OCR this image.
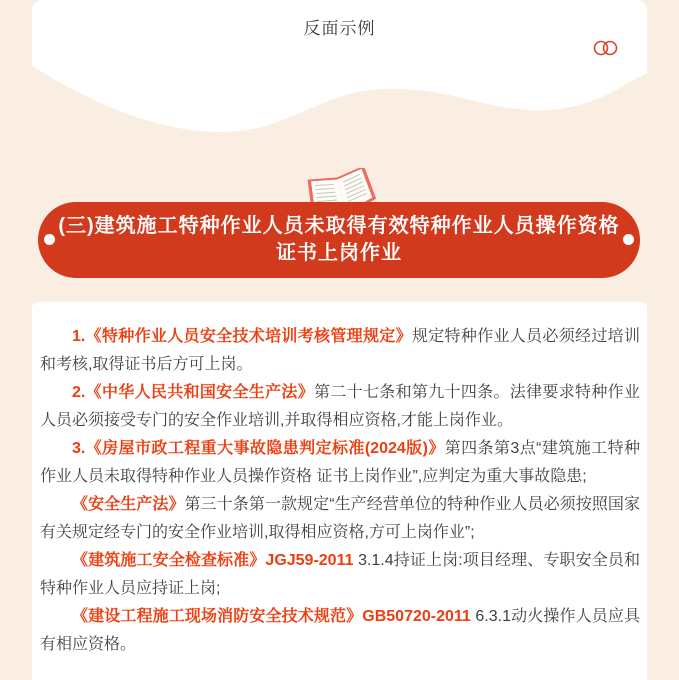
反面示例
(三)建筑施工特种作业人员未取得有效特种作业人员操作资格
证书上岗作业

1.《特种作业人员安全技术培训考核管理规定》规定特种作业人员必须经过培训和考核,取得证书后方可上岗。

2.《中华人民共和国安全生产法》第二十七条和第九十四条。法律要求特种作业人员必须接受专门的安全作业培训,并取得相应资格,才能上岗作业。

3.《房屋市政工程重大事故隐患判定标准(2024版)》第四条第3点“建筑施工特种作业人员未取得特种作业人员操作资格 证书上岗作业”,应判定为重大事故隐患;

《安全生产法》第三十条第一款规定“生产经营单位的特种作业人员必须按照国家有关规定经专门的安全作业培训,取得相应资格,方可上岗作业”;

《建筑施工安全检查标准》JGJ59-2011 3.1.4持证上岗:项目经理、专职安全员和特种作业人员应持证上岗;

《建设工程施工现场消防安全技术规范》GB50720-2011 6.3.1动火操作人员应具有相应资格。
